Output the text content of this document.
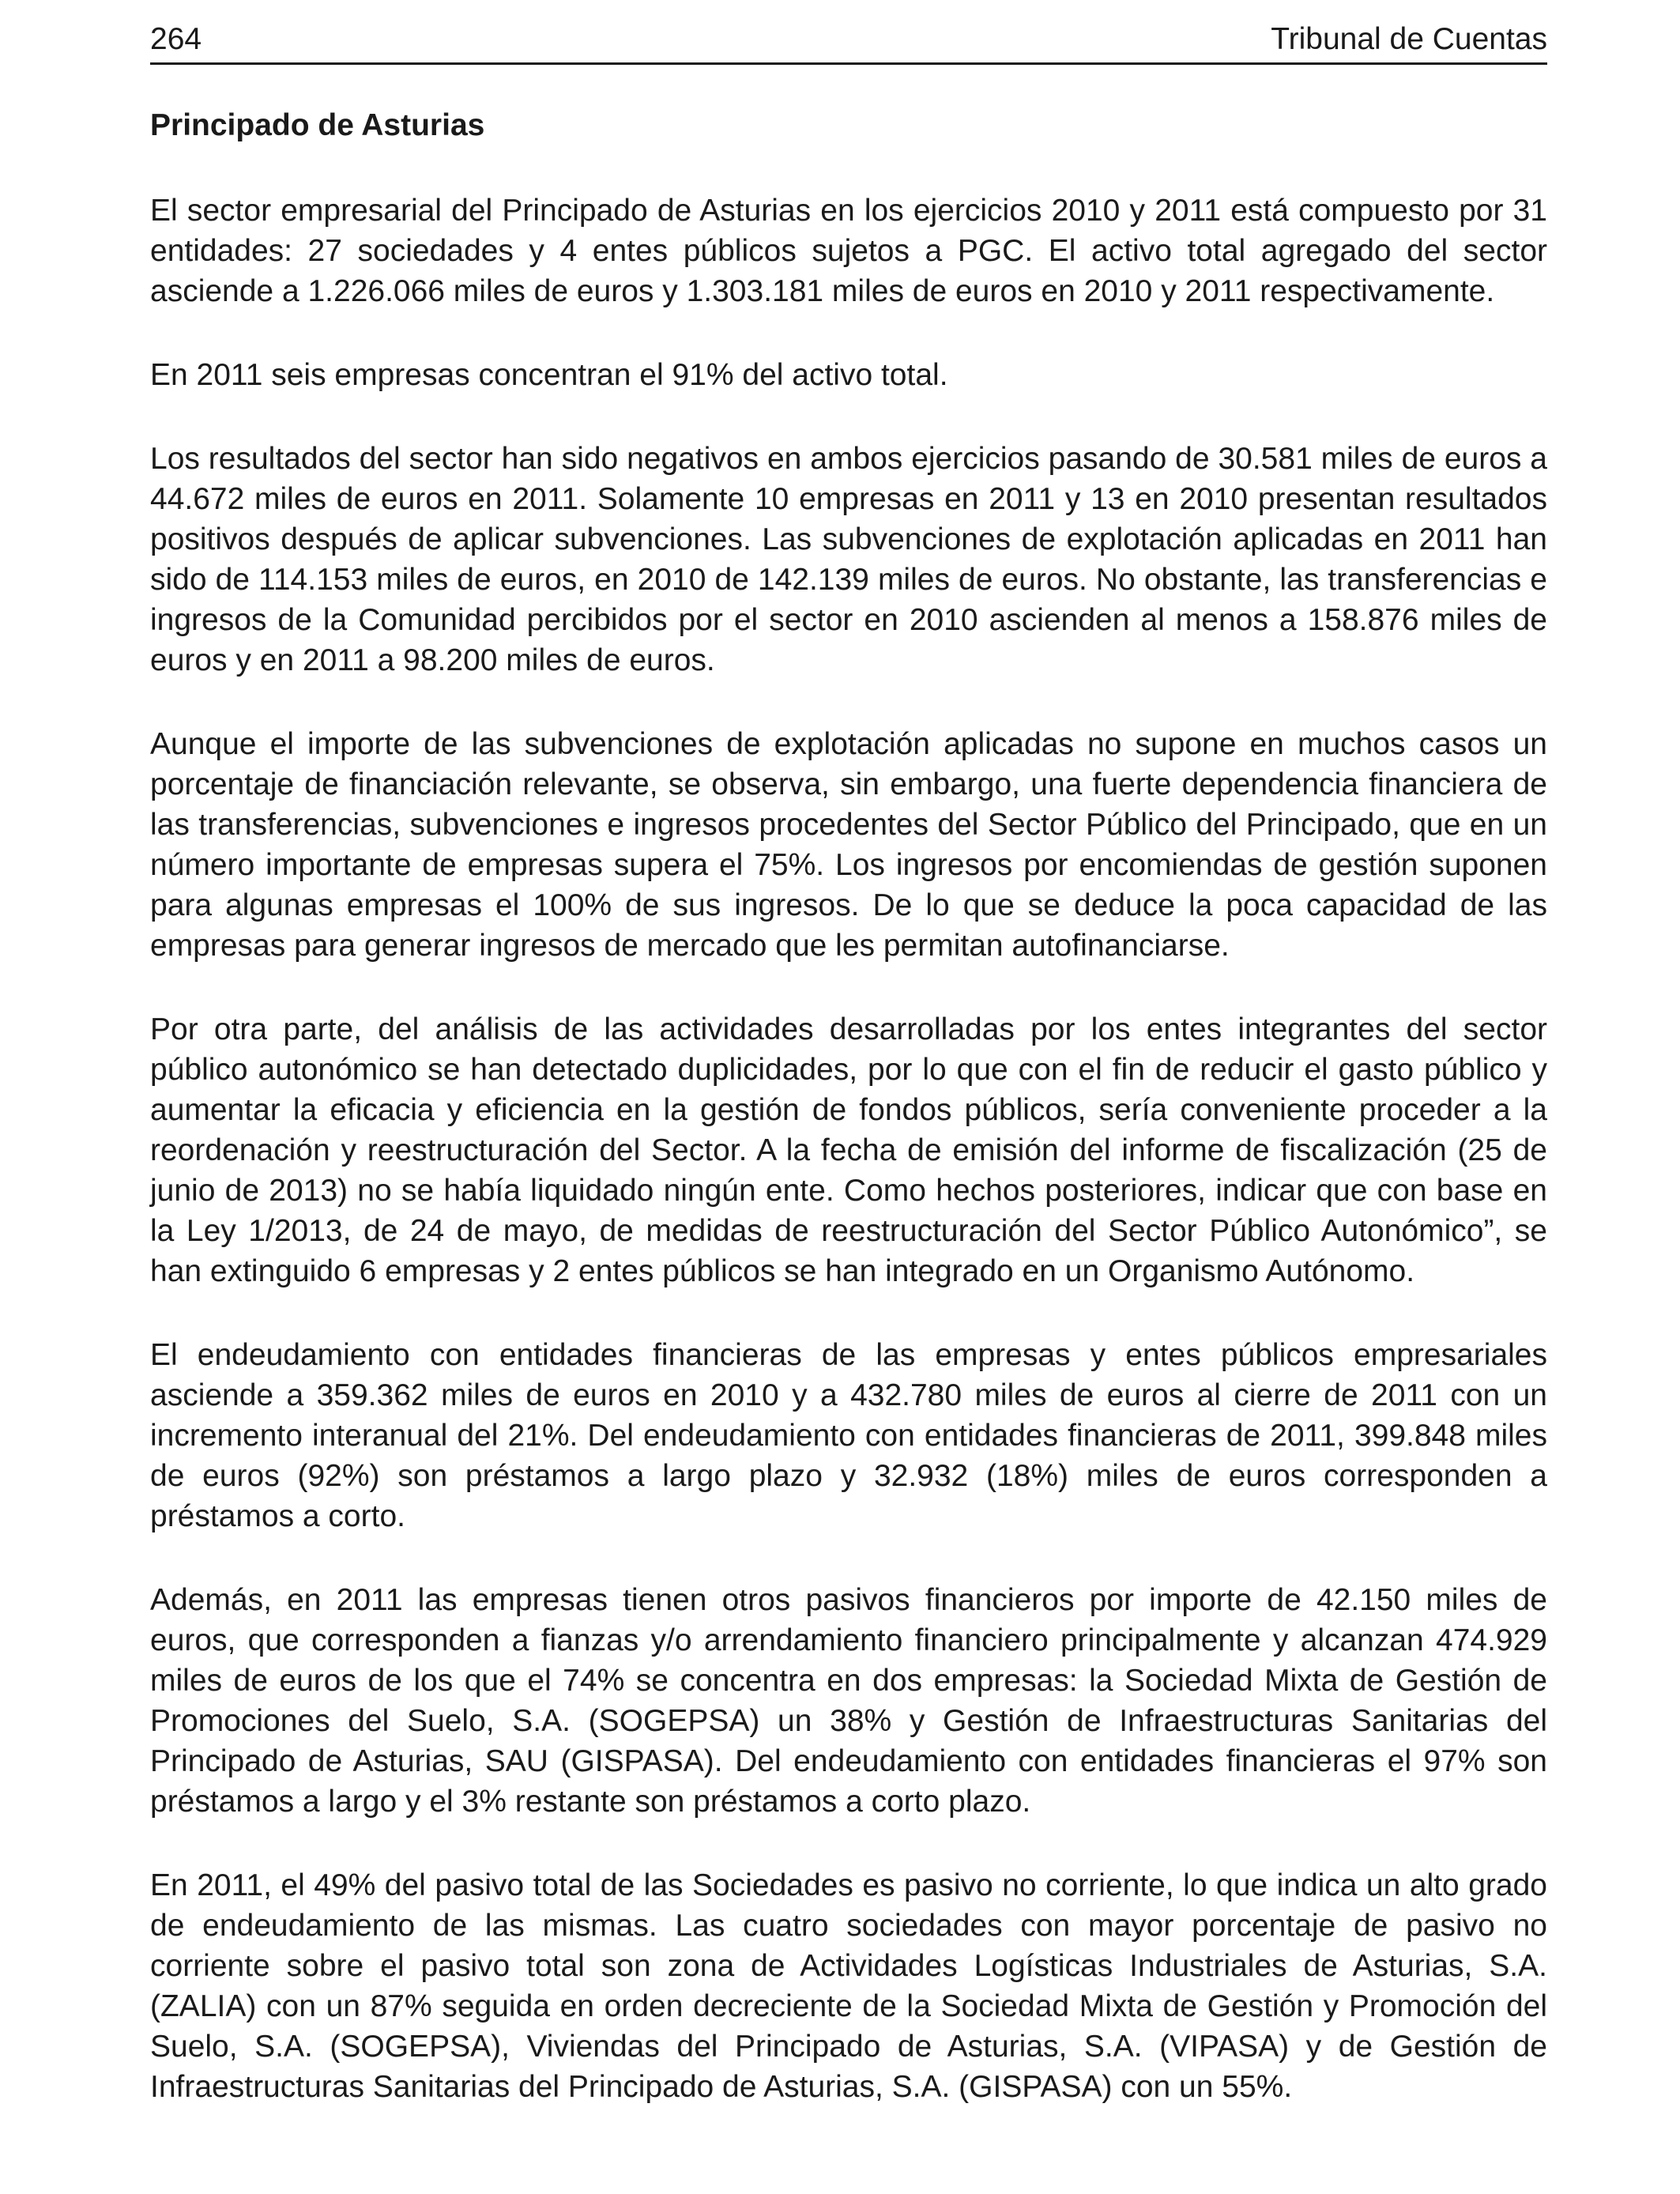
264	Tribunal de Cuentas
Principado de Asturias

El sector empresarial del Principado de Asturias en los ejercicios 2010 y 2011 está compuesto por 31 entidades: 27 sociedades y 4 entes públicos sujetos a PGC. El activo total agregado del sector asciende a 1.226.066 miles de euros y 1.303.181 miles de euros en 2010 y 2011 respectivamente.

En 2011 seis empresas concentran el 91% del activo total.

Los resultados del sector han sido negativos en ambos ejercicios pasando de 30.581 miles de euros a 44.672 miles de euros en 2011. Solamente 10 empresas en 2011 y 13 en 2010 presentan resultados positivos después de aplicar subvenciones. Las subvenciones de explotación aplicadas en 2011 han sido de 114.153 miles de euros, en 2010 de 142.139 miles de euros. No obstante, las transferencias e ingresos de la Comunidad percibidos por el sector en 2010 ascienden al menos a 158.876 miles de euros y en 2011 a 98.200 miles de euros.

Aunque el importe de las subvenciones de explotación aplicadas no supone en muchos casos un porcentaje de financiación relevante, se observa, sin embargo, una fuerte dependencia financiera de las transferencias, subvenciones e ingresos procedentes del Sector Público del Principado, que en un número importante de empresas supera el 75%. Los ingresos por encomiendas de gestión suponen para algunas empresas el 100% de sus ingresos. De lo que se deduce la poca capacidad de las empresas para generar ingresos de mercado que les permitan autofinanciarse.

Por otra parte, del análisis de las actividades desarrolladas por los entes integrantes del sector público autonómico se han detectado duplicidades, por lo que con el fin de reducir el gasto público y aumentar la eficacia y eficiencia en la gestión de fondos públicos, sería conveniente proceder a la reordenación y reestructuración del Sector. A la fecha de emisión del informe de fiscalización (25 de junio de 2013) no se había liquidado ningún ente. Como hechos posteriores, indicar que con base en la Ley 1/2013, de 24 de mayo, de medidas de reestructuración del Sector Público Autonómico”, se han extinguido 6 empresas y 2 entes públicos se han integrado en un Organismo Autónomo.

El endeudamiento con entidades financieras de las empresas y entes públicos empresariales asciende a 359.362 miles de euros en 2010 y a 432.780 miles de euros al cierre de 2011 con un incremento interanual del 21%. Del endeudamiento con entidades financieras de 2011, 399.848 miles de euros (92%) son préstamos a largo plazo y 32.932 (18%) miles de euros corresponden a préstamos a corto.

Además, en 2011 las empresas tienen otros pasivos financieros por importe de 42.150 miles de euros, que corresponden a fianzas y/o arrendamiento financiero principalmente y alcanzan 474.929 miles de euros de los que el 74% se concentra en dos empresas: la Sociedad Mixta de Gestión de Promociones del Suelo, S.A. (SOGEPSA) un 38% y Gestión de Infraestructuras Sanitarias del Principado de Asturias, SAU (GISPASA). Del endeudamiento con entidades financieras el 97% son préstamos a largo y el 3% restante son préstamos a corto plazo.

En 2011, el 49% del pasivo total de las Sociedades es pasivo no corriente, lo que indica un alto grado de endeudamiento de las mismas. Las cuatro sociedades con mayor porcentaje de pasivo no corriente sobre el pasivo total son zona de Actividades Logísticas Industriales de Asturias, S.A. (ZALIA) con un 87% seguida en orden decreciente de la Sociedad Mixta de Gestión y Promoción del Suelo, S.A. (SOGEPSA), Viviendas del Principado de Asturias, S.A. (VIPASA) y de Gestión de Infraestructuras Sanitarias del Principado de Asturias, S.A. (GISPASA) con un 55%.
